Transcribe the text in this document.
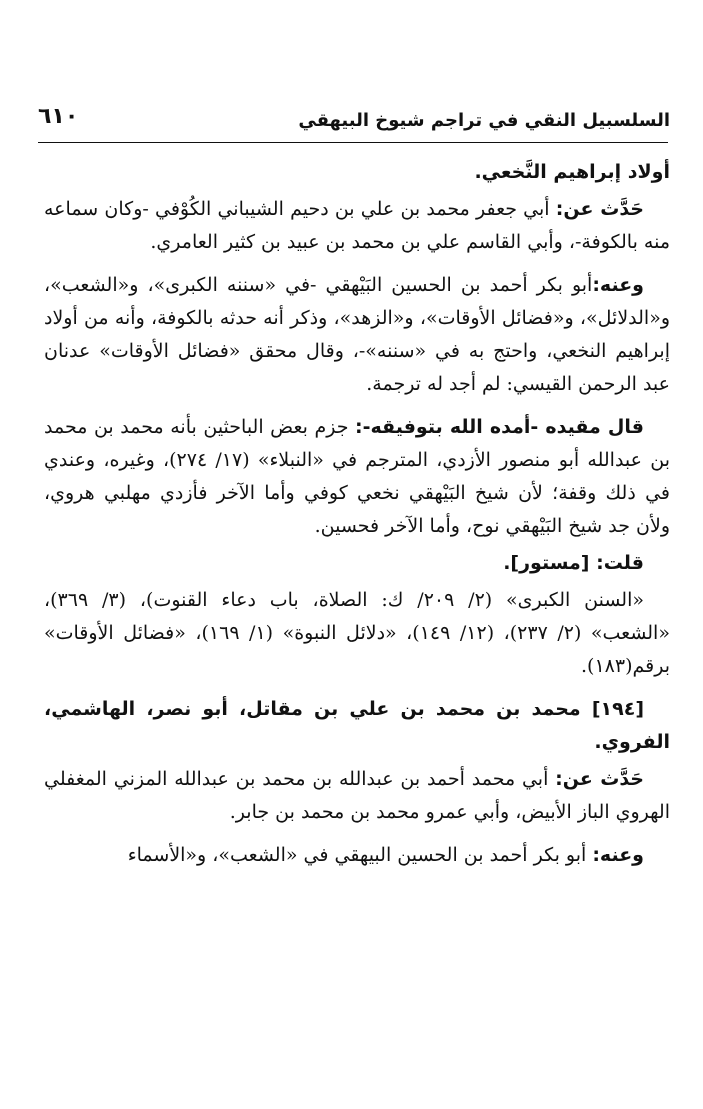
السلسبيل النقي في تراجم شيوخ البيهقي
٦١٠

أولاد إبراهيم النَّخعي.

حَدَّث عن: أبي جعفر محمد بن علي بن دحيم الشيباني الكُوْفي -وكان سماعه منه بالكوفة-، وأبي القاسم علي بن محمد بن عبيد بن كثير العامري.

وعنه:أبو بكر أحمد بن الحسين البَيْهقي -في «سننه الكبرى»، و«الشعب»، و«الدلائل»، و«فضائل الأوقات»، و«الزهد»، وذكر أنه حدثه بالكوفة، وأنه من أولاد إبراهيم النخعي، واحتج به في «سننه»-، وقال محقق «فضائل الأوقات» عدنان عبد الرحمن القيسي: لم أجد له ترجمة.

قال مقيده -أمده الله بتوفيقه-: جزم بعض الباحثين بأنه محمد بن محمد بن عبدالله أبو منصور الأزدي، المترجم في «النبلاء» (١٧/ ٢٧٤)، وغيره، وعندي في ذلك وقفة؛ لأن شيخ البَيْهقي نخعي كوفي وأما الآخر فأزدي مهلبي هروي، ولأن جد شيخ البَيْهقي نوح، وأما الآخر فحسين.

قلت: [مستور].

«السنن الكبرى» (٢/ ٢٠٩/ ك: الصلاة، باب دعاء القنوت)، (٣/ ٣٦٩)، «الشعب» (٢/ ٢٣٧)، (١٢/ ١٤٩)، «دلائل النبوة» (١/ ١٦٩)، «فضائل الأوقات» برقم(١٨٣).

[١٩٤] محمد بن محمد بن علي بن مقاتل، أبو نصر، الهاشمي، الفروي.

حَدَّث عن: أبي محمد أحمد بن عبدالله بن محمد بن عبدالله المزني المغفلي الهروي الباز الأبيض، وأبي عمرو محمد بن محمد بن جابر.

وعنه: أبو بكر أحمد بن الحسين البيهقي في «الشعب»، و«الأسماء
